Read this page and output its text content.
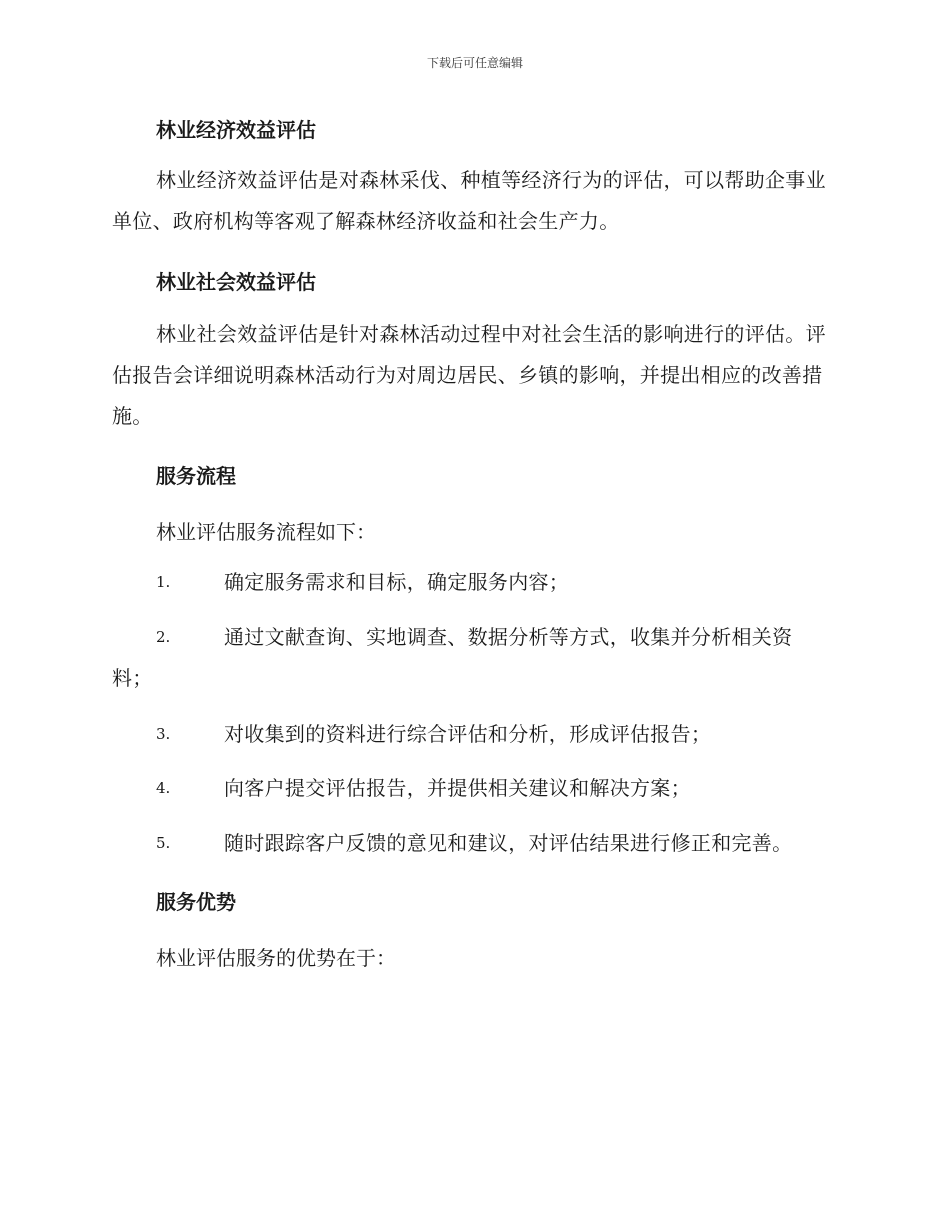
下载后可任意编辑
林业经济效益评估
林业经济效益评估是对森林采伐、种植等经济行为的评估，可以帮助企事业单位、政府机构等客观了解森林经济收益和社会生产力。
林业社会效益评估
林业社会效益评估是针对森林活动过程中对社会生活的影响进行的评估。评估报告会详细说明森林活动行为对周边居民、乡镇的影响，并提出相应的改善措施。
服务流程
林业评估服务流程如下：
1.	确定服务需求和目标，确定服务内容；
2.	通过文献查询、实地调查、数据分析等方式，收集并分析相关资料；
3.	对收集到的资料进行综合评估和分析，形成评估报告；
4.	向客户提交评估报告，并提供相关建议和解决方案；
5.	随时跟踪客户反馈的意见和建议，对评估结果进行修正和完善。
服务优势
林业评估服务的优势在于：
